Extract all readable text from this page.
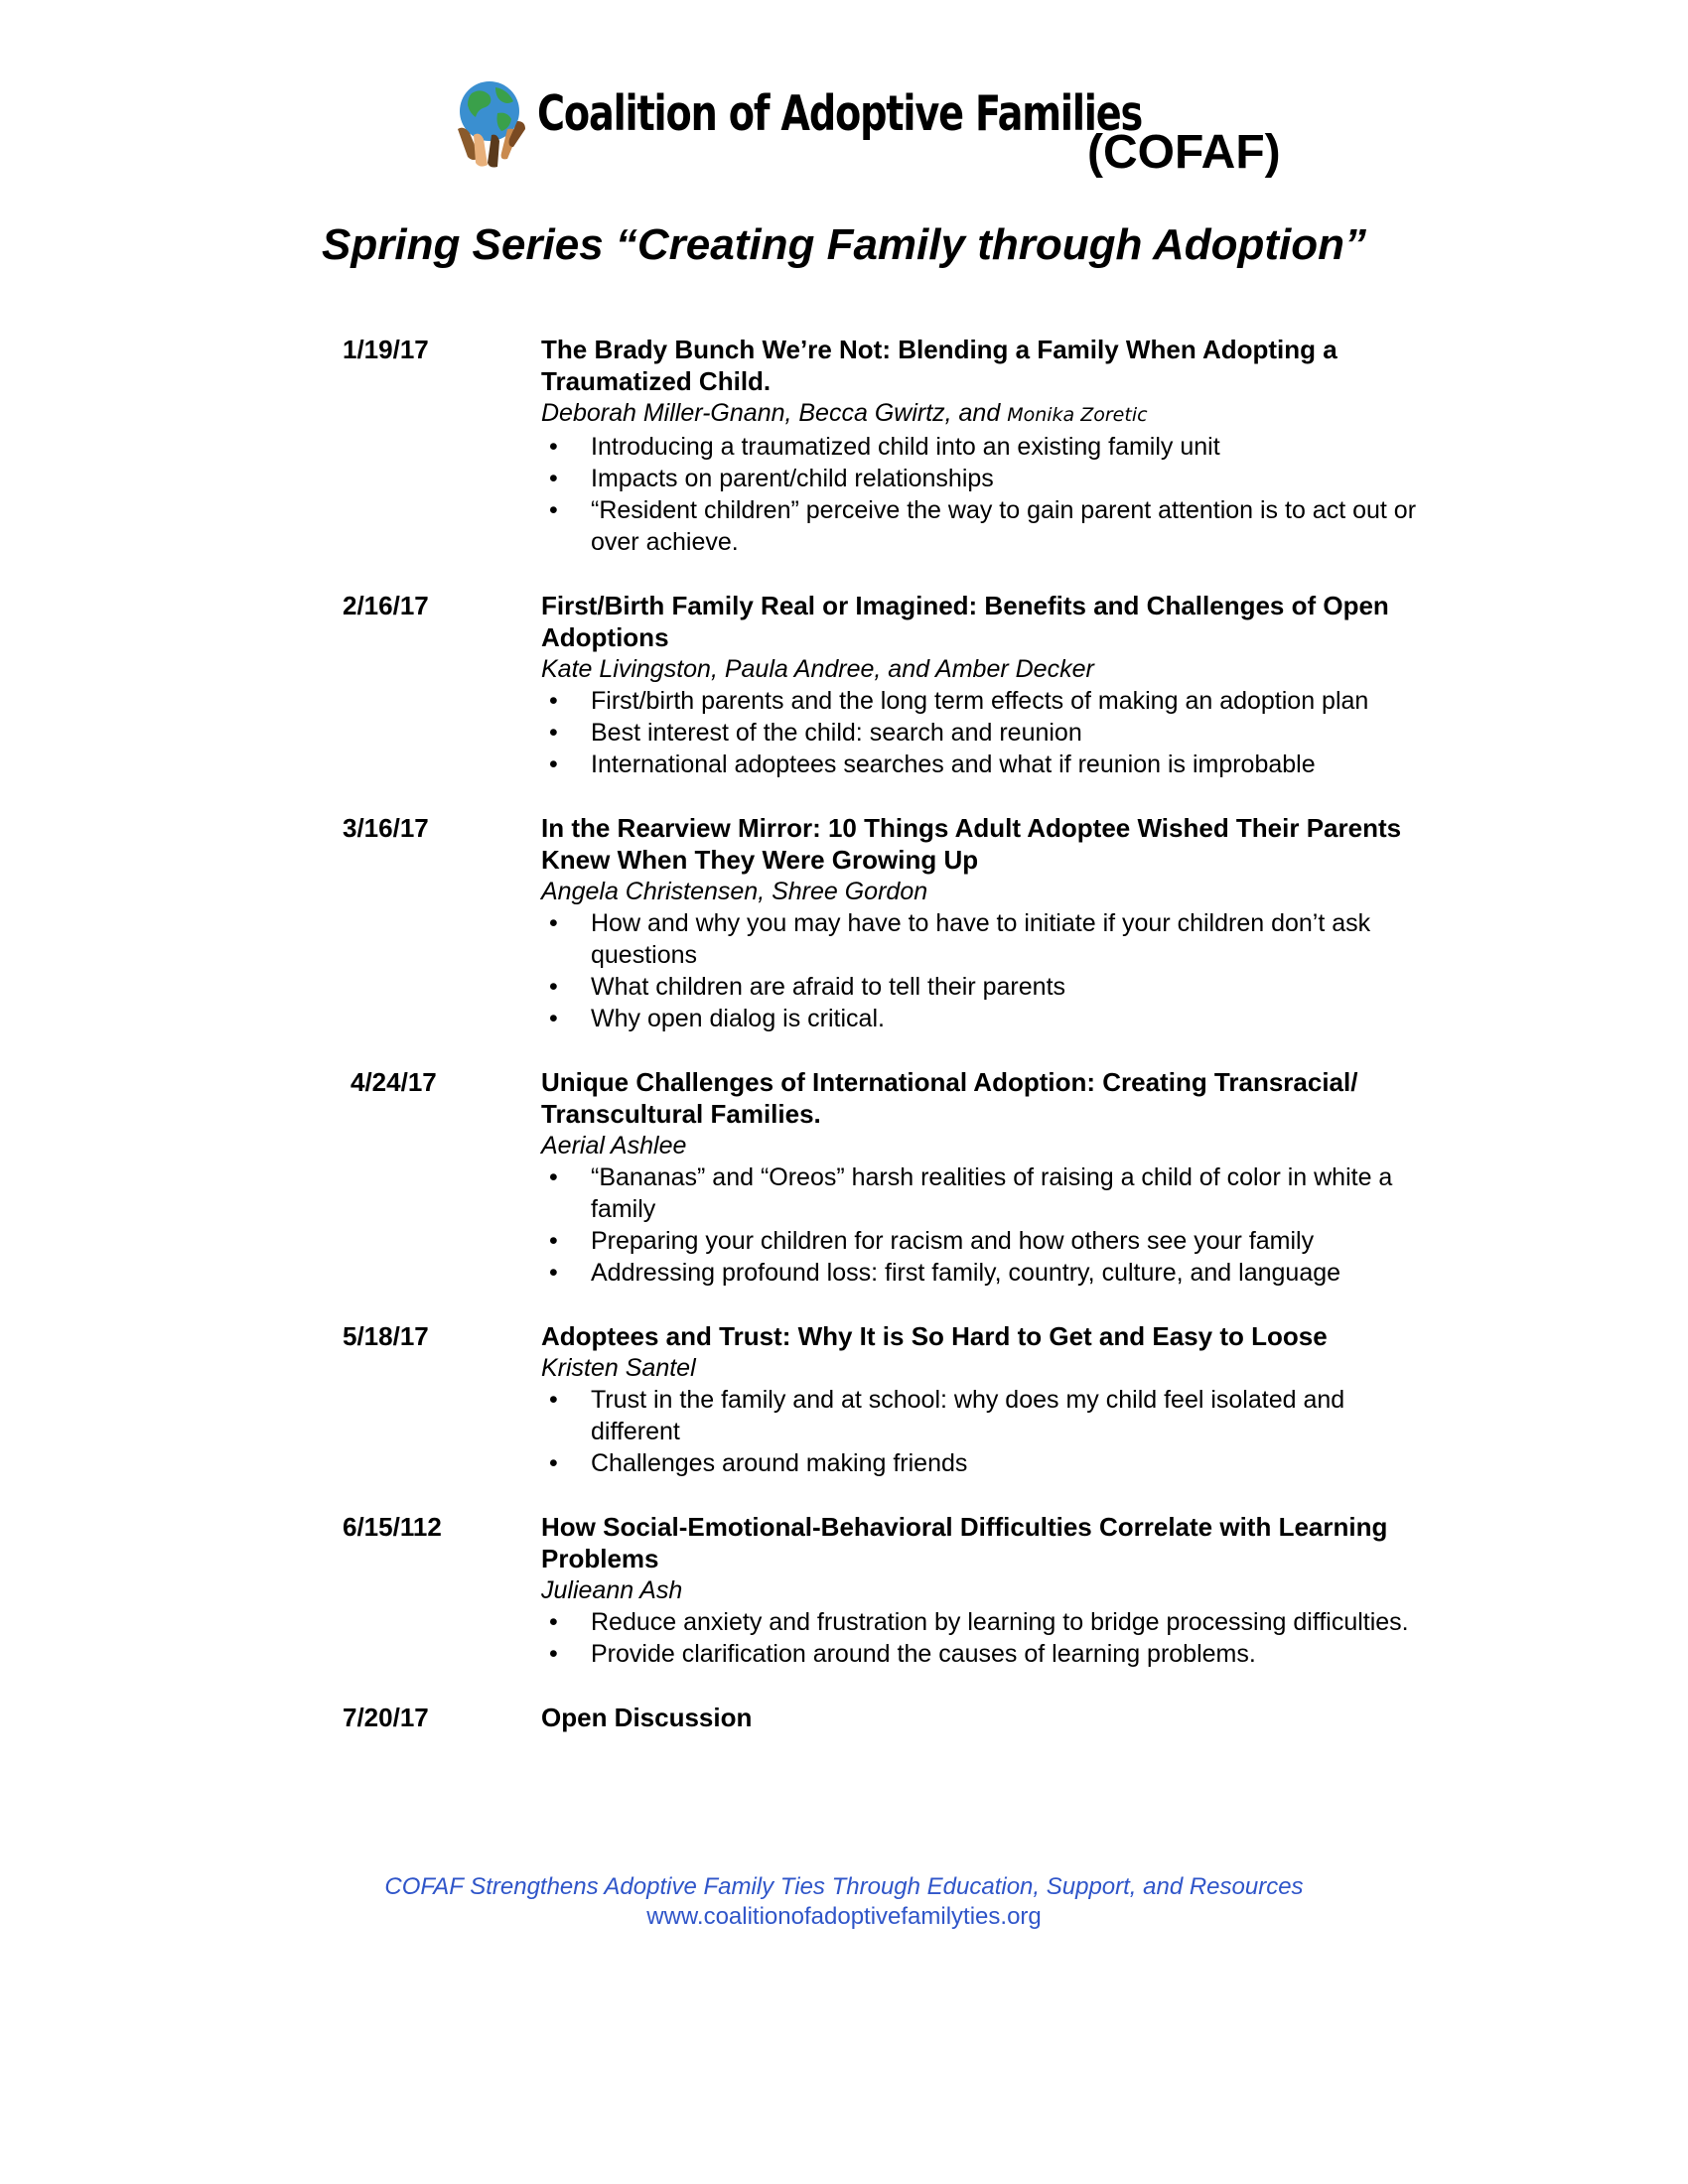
Coalition of Adoptive Families
(COFAF)
Spring Series “Creating Family through Adoption”
1/19/17	The Brady Bunch We’re Not: Blending a Family When Adopting a Traumatized Child.
Deborah Miller-Gnann, Becca Gwirtz, and Monika Zoretic
• Introducing a traumatized child into an existing family unit
• Impacts on parent/child relationships
• “Resident children” perceive the way to gain parent attention is to act out or over achieve.
2/16/17	First/Birth Family Real or Imagined: Benefits and Challenges of Open Adoptions
Kate Livingston, Paula Andree, and Amber Decker
• First/birth parents and the long term effects of making an adoption plan
• Best interest of the child: search and reunion
• International adoptees searches and what if reunion is improbable
3/16/17	In the Rearview Mirror: 10 Things Adult Adoptee Wished Their Parents Knew When They Were Growing Up
Angela Christensen, Shree Gordon
• How and why you may have to have to initiate if your children don’t ask questions
• What children are afraid to tell their parents
• Why open dialog is critical.
4/24/17	Unique Challenges of International Adoption: Creating Transracial/ Transcultural Families.
Aerial Ashlee
• “Bananas” and “Oreos” harsh realities of raising a child of color in white a family
• Preparing your children for racism and how others see your family
• Addressing profound loss: first family, country, culture, and language
5/18/17	Adoptees and Trust: Why It is So Hard to Get and Easy to Loose
Kristen Santel
• Trust in the family and at school: why does my child feel isolated and different
• Challenges around making friends
6/15/112	How Social-Emotional-Behavioral Difficulties Correlate with Learning Problems
Julieann Ash
• Reduce anxiety and frustration by learning to bridge processing difficulties.
• Provide clarification around the causes of learning problems.
7/20/17	Open Discussion
COFAF Strengthens Adoptive Family Ties Through Education, Support, and Resources
www.coalitionofadoptivefamilyties.org
